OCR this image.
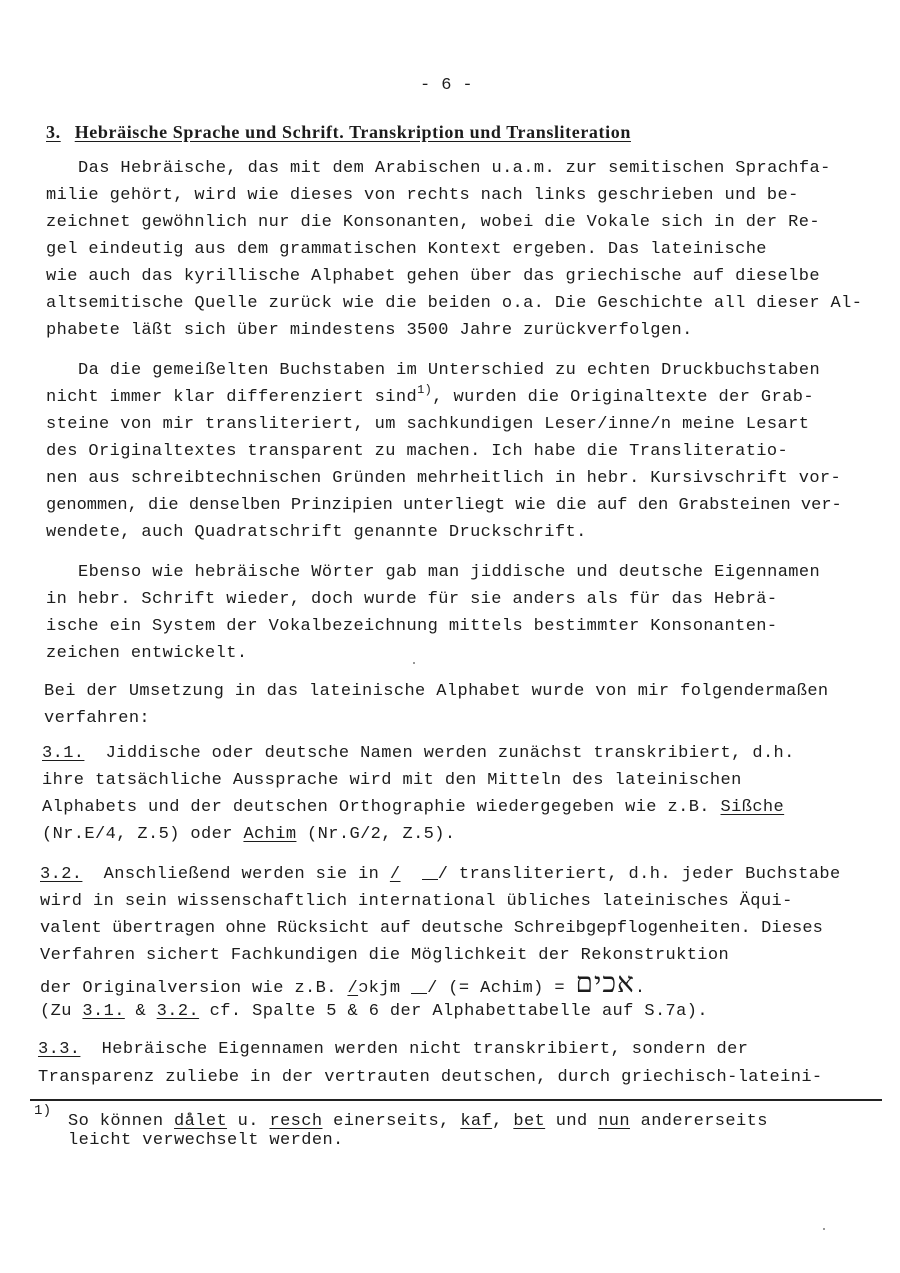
- 6 -
3. Hebräische Sprache und Schrift. Transkription und Transliteration
Das Hebräische, das mit dem Arabischen u.a.m. zur semitischen Sprachfa-
milie gehört, wird wie dieses von rechts nach links geschrieben und be-
zeichnet gewöhnlich nur die Konsonanten, wobei die Vokale sich in der Re-
gel eindeutig aus dem grammatischen Kontext ergeben. Das lateinische
wie auch das kyrillische Alphabet gehen über das griechische auf dieselbe
altsemitische Quelle zurück wie die beiden o.a. Die Geschichte all dieser Al-
phabete läßt sich über mindestens 3500 Jahre zurückverfolgen.
Da die gemeißelten Buchstaben im Unterschied zu echten Druckbuchstaben
nicht immer klar differenziert sind$^{1)}$, wurden die Originaltexte der Grab-
steine von mir transliteriert, um sachkundigen Leser/inne/n meine Lesart
des Originaltextes transparent zu machen. Ich habe die Transliteratio-
nen aus schreibtechnischen Gründen mehrheitlich in hebr. Kursivschrift vor-
genommen, die denselben Prinzipien unterliegt wie die auf den Grabsteinen ver-
wendete, auch Quadratschrift genannte Druckschrift.
Ebenso wie hebräische Wörter gab man jiddische und deutsche Eigennamen
in hebr. Schrift wieder, doch wurde für sie anders als für das Hebrä-
ische ein System der Vokalbezeichnung mittels bestimmter Konsonanten-
zeichen entwickelt.
Bei der Umsetzung in das lateinische Alphabet wurde von mir folgendermaßen
verfahren:
3.1. Jiddische oder deutsche Namen werden zunächst transkribiert, d.h.
ihre tatsächliche Aussprache wird mit den Mitteln des lateinischen
Alphabets und der deutschen Orthographie wiedergegeben wie z.B. Sißche
(Nr.E/4, Z.5) oder Achim (Nr.G/2, Z.5).
3.2. Anschließend werden sie in / / transliteriert, d.h. jeder Buchstabe
wird in sein wissenschaftlich international übliches lateinisches Äqui-
valent übertragen ohne Rücksicht auf deutsche Schreibgepflogenheiten. Dieses
Verfahren sichert Fachkundigen die Möglichkeit der Rekonstruktion
der Originalversion wie z.B. /ɔkjm / (= Achim) = אכים.
(Zu 3.1. & 3.2. cf. Spalte 5 & 6 der Alphabettabelle auf S.7a).
3.3. Hebräische Eigennamen werden nicht transkribiert, sondern der
Transparenz zuliebe in der vertrauten deutschen, durch griechisch-lateini-
1)
So können dålet u. resch einerseits, kaf, bet und nun andererseits
leicht verwechselt werden.
